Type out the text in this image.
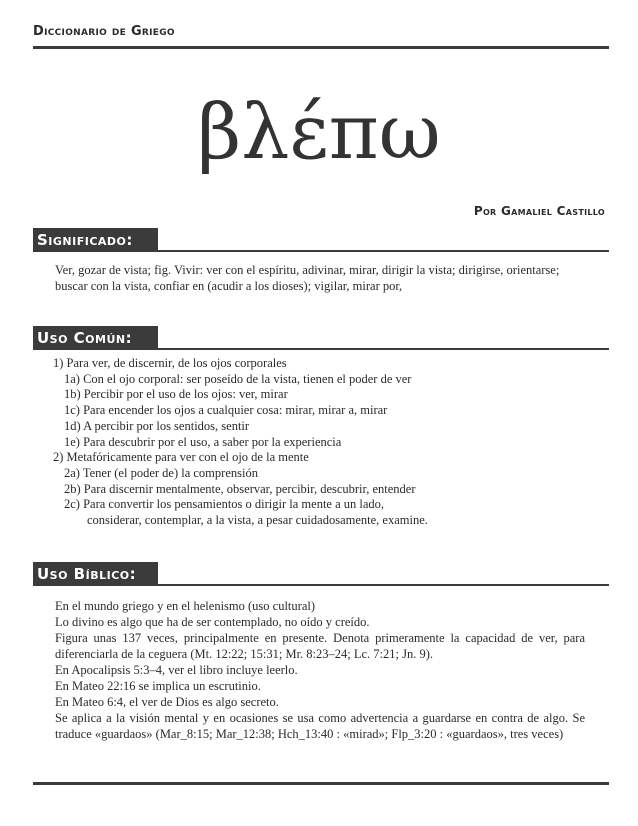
Diccionario de Griego
βλέπω
Por Gamaliel Castillo
Significado:

Ver, gozar de vista; fig. Vivir: ver con el espíritu, adivinar, mirar, dirigir la vista; dirigirse, orientarse; buscar con la vista, confiar en (acudir a los dioses); vigilar, mirar por,

Uso Común:
1) Para ver, de discernir, de los ojos corporales
1a) Con el ojo corporal: ser poseído de la vista, tienen el poder de ver
1b) Percibir por el uso de los ojos: ver, mirar
1c) Para encender los ojos a cualquier cosa: mirar, mirar a, mirar
1d) A percibir por los sentidos, sentir
1e) Para descubrir por el uso, a saber por la experiencia
2) Metafóricamente para ver con el ojo de la mente
2a) Tener (el poder de) la comprensión
2b) Para discernir mentalmente, observar, percibir, descubrir, entender
2c) Para convertir los pensamientos o dirigir la mente a un lado,
considerar, contemplar, a la vista, a pesar cuidadosamente, examine.
Uso Bíblico:
En el mundo griego y en el helenismo (uso cultural)
Lo divino es algo que ha de ser contemplado, no oído y creído.
Figura unas 137 veces, principalmente en presente. Denota primeramente la capacidad de ver, para diferenciarla de la ceguera (Mt. 12:22; 15:31; Mr. 8:23–24; Lc. 7:21; Jn. 9).
En Apocalipsis 5:3–4, ver el libro incluye leerlo.
En Mateo 22:16 se implica un escrutinio.
En Mateo 6:4, el ver de Dios es algo secreto.
Se aplica a la visión mental y en ocasiones se usa como advertencia a guardarse en contra de algo. Se traduce «guardaos» (Mar_8:15; Mar_12:38; Hch_13:40 : «mirad»; Flp_3:20 : «guardaos», tres veces)
